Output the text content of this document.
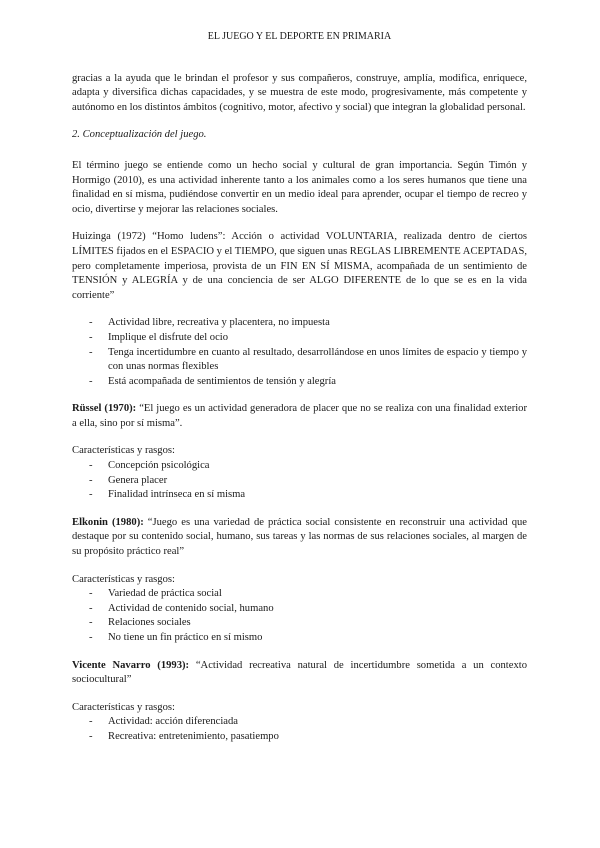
EL JUEGO Y EL DEPORTE EN PRIMARIA

gracias a la ayuda que le brindan el profesor y sus compañeros, construye, amplía, modifica, enriquece, adapta y diversifica dichas capacidades, y se muestra de este modo, progresivamente, más competente y autónomo en los distintos ámbitos (cognitivo, motor, afectivo y social) que integran la globalidad personal.

2. Conceptualización del juego.

El término juego se entiende como un hecho social y cultural de gran importancia. Según Timón y Hormigo (2010), es una actividad inherente tanto a los animales como a los seres humanos que tiene una finalidad en sí misma, pudiéndose convertir en un medio ideal para aprender, ocupar el tiempo de recreo y ocio, divertirse y mejorar las relaciones sociales.

Huizinga (1972) “Homo ludens”: Acción o actividad VOLUNTARIA, realizada dentro de ciertos LÍMITES fijados en el ESPACIO y el TIEMPO, que siguen unas REGLAS LIBREMENTE ACEPTADAS, pero completamente imperiosa, provista de un FIN EN SÍ MISMA, acompañada de un sentimiento de TENSIÓN y ALEGRÍA y de una conciencia de ser ALGO DIFERENTE de lo que se es en la vida corriente”

- Actividad libre, recreativa y placentera, no impuesta
- Implique el disfrute del ocio
- Tenga incertidumbre en cuanto al resultado, desarrollándose en unos límites de espacio y tiempo y con unas normas flexibles
- Está acompañada de sentimientos de tensión y alegría

Rüssel (1970): “El juego es un actividad generadora de placer que no se realiza con una finalidad exterior a ella, sino por sí misma”.

Características y rasgos:

- Concepción psicológica
- Genera placer
- Finalidad intrínseca en sí misma

Elkonin (1980): “Juego es una variedad de práctica social consistente en reconstruir una actividad que destaque por su contenido social, humano, sus tareas y las normas de sus relaciones sociales, al margen de su propósito práctico real”

Características y rasgos:

- Variedad de práctica social
- Actividad de contenido social, humano
- Relaciones sociales
- No tiene un fin práctico en sí mismo

Vicente Navarro (1993): “Actividad recreativa natural de incertidumbre sometida a un contexto sociocultural”

Características y rasgos:

- Actividad: acción diferenciada
- Recreativa: entretenimiento, pasatiempo
